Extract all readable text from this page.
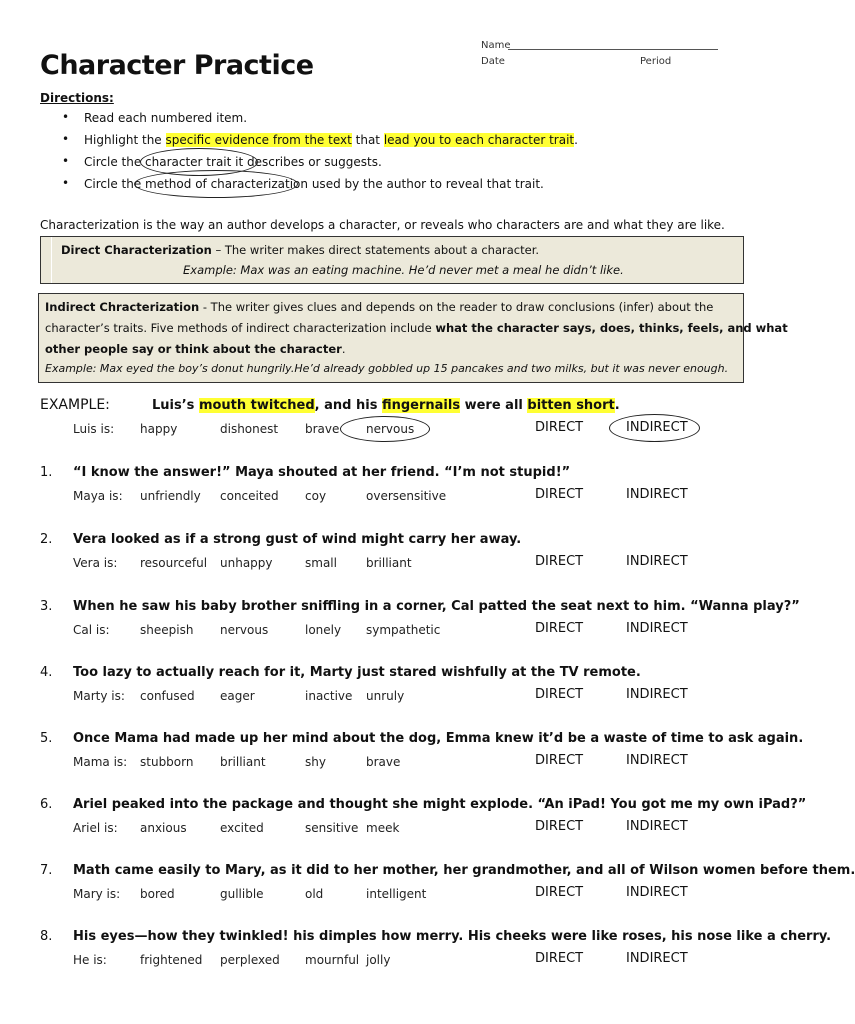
Character Practice
Name
Date	Period
Directions:
• Read each numbered item.
• Highlight the specific evidence from the text that lead you to each character trait.
• Circle the character trait it describes or suggests.
• Circle the method of characterization used by the author to reveal that trait.
Characterization is the way an author develops a character, or reveals who characters are and what they are like.
Direct Characterization – The writer makes direct statements about a character.
Example: Max was an eating machine. He’d never met a meal he didn’t like.
Indirect Chracterization - The writer gives clues and depends on the reader to draw conclusions (infer) about the
character’s traits. Five methods of indirect characterization include what the character says, does, thinks, feels, and what
other people say or think about the character.
Example: Max eyed the boy’s donut hungrily.He’d already gobbled up 15 pancakes and two milks, but it was never enough.
EXAMPLE:	Luis’s mouth twitched, and his fingernails were all bitten short.
Luis is: happy	dishonest brave nervous	DIRECT	INDIRECT
1. “I know the answer!” Maya shouted at her friend. “I’m not stupid!”
Maya is: unfriendly conceited coy	oversensitive	DIRECT	INDIRECT
2. Vera looked as if a strong gust of wind might carry her away.
Vera is: resourceful unhappy	small brilliant	DIRECT	INDIRECT
3. When he saw his baby brother sniffling in a corner, Cal patted the seat next to him. “Wanna play?”
Cal is:	sheepish nervous	lonely sympathetic	DIRECT	INDIRECT
4. Too lazy to actually reach for it, Marty just stared wishfully at the TV remote.
Marty is: confused eager	inactive unruly	DIRECT	INDIRECT
5. Once Mama had made up her mind about the dog, Emma knew it’d be a waste of time to ask again.
Mama is: stubborn brilliant	shy	brave	DIRECT	INDIRECT
6. Ariel peaked into the package and thought she might explode. “An iPad! You got me my own iPad?”
Ariel is: anxious	excited	sensitive meek	DIRECT	INDIRECT
7. Math came easily to Mary, as it did to her mother, her grandmother, and all of Wilson women before them.
Mary is: bored	gullible	old	intelligent	DIRECT	INDIRECT
8. His eyes—how they twinkled! his dimples how merry. His cheeks were like roses, his nose like a cherry.
He is:	frightened perplexed mournful jolly	DIRECT	INDIRECT
